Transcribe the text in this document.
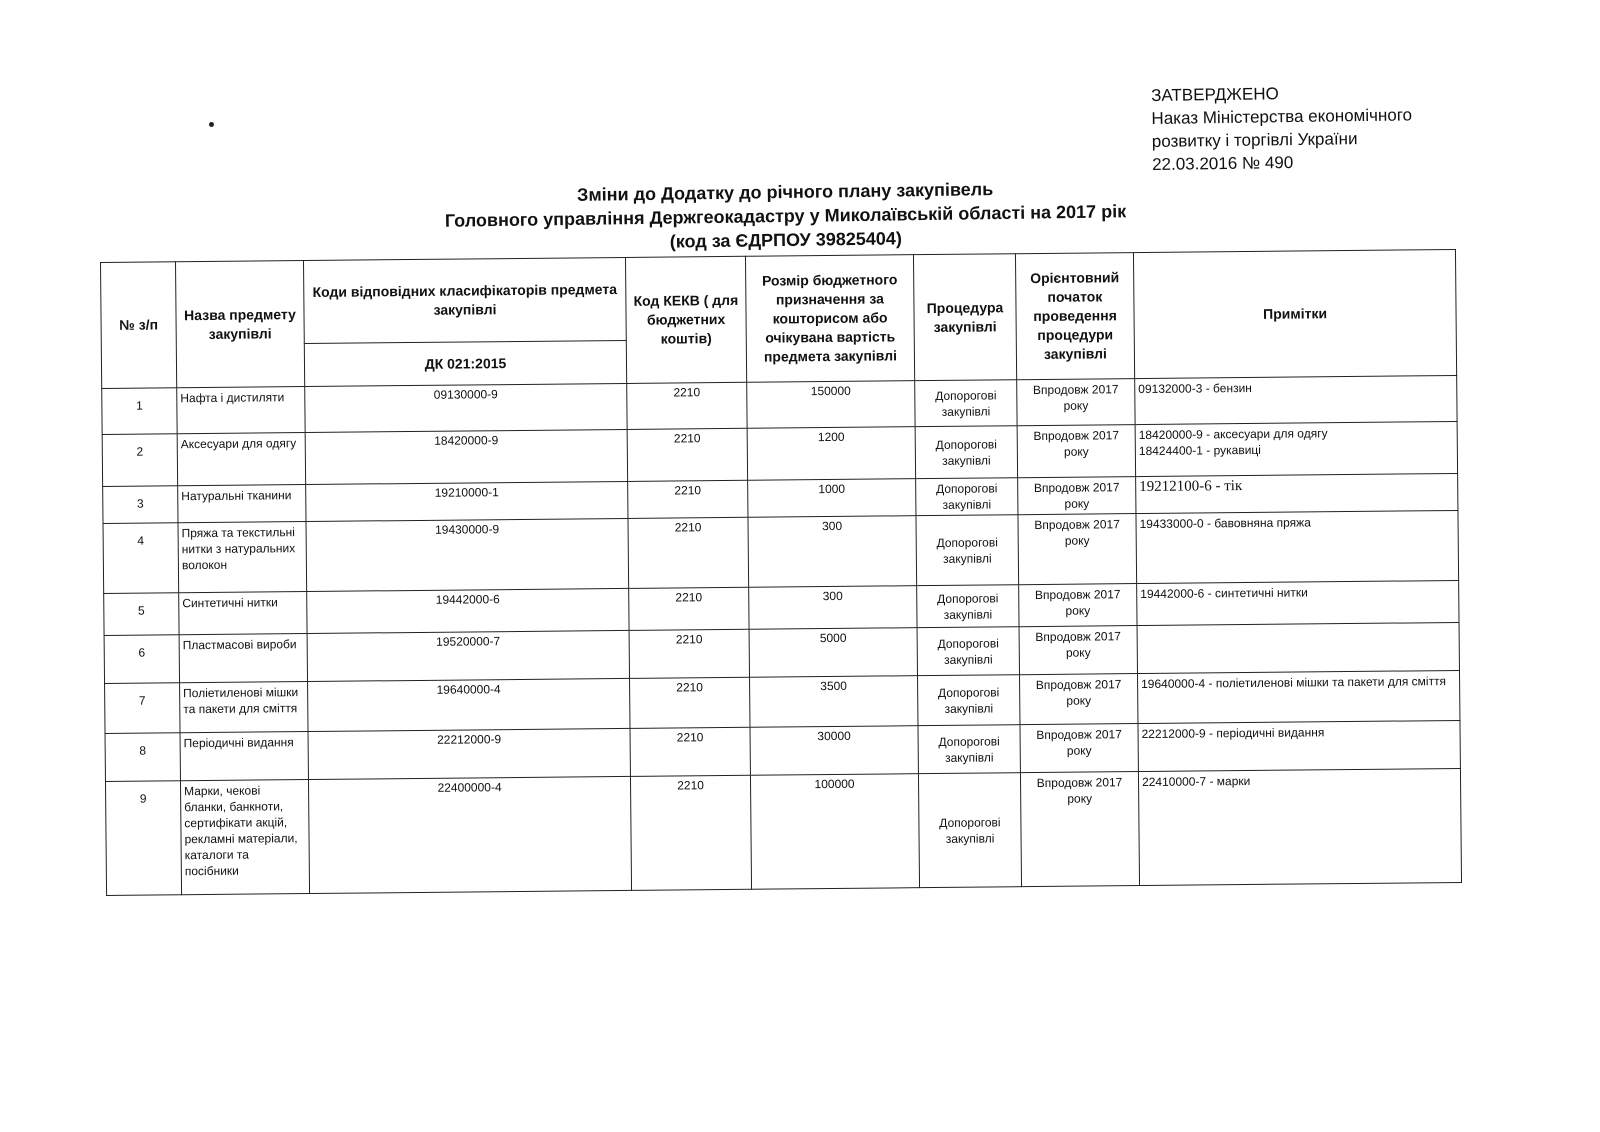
ЗАТВЕРДЖЕНО
Наказ Міністерства економічного
розвитку і торгівлі України
22.03.2016 № 490
Зміни до Додатку до річного плану закупівель
Головного управління Держгеокадастру у Миколаївській області на 2017 рік
(код за ЄДРПОУ 39825404)
№ з/п	Назва предмету закупівлі	Коди відповідних класифікаторів предмета закупівлі	Код КЕКВ ( для бюджетних коштів)	Розмір бюджетного призначення за кошторисом або очікувана вартість предмета закупівлі	Процедура закупівлі	Орієнтовний початок проведення процедури закупівлі	Примітки
		ДК 021:2015					
1	Нафта і дистиляти	09130000-9	2210	150000	Допорогові закупівлі	Впродовж 2017 року	09132000-3 - бензин

2	Аксесуари для одягу	18420000-9	2210	1200	Допорогові закупівлі	Впродовж 2017 року	18420000-9 - аксесуари для одягу
18424400-1 - рукавиці

3	Натуральні тканини	19210000-1	2210	1000	Допорогові закупівлі	Впродовж 2017 року	19212100-6 - тік

4	Пряжа та текстильні нитки з натуральних волокон	19430000-9	2210	300	Допорогові закупівлі	Впродовж 2017 року	19433000-0 - бавовняна пряжа

5	Синтетичні нитки	19442000-6	2210	300	Допорогові закупівлі	Впродовж 2017 року	19442000-6 - синтетичні нитки

6	Пластмасові вироби	19520000-7	2210	5000	Допорогові закупівлі	Впродовж 2017 року	

7	Поліетиленові мішки та пакети для сміття	19640000-4	2210	3500	Допорогові закупівлі	Впродовж 2017 року	19640000-4 - поліетиленові мішки та пакети для сміття

8	Періодичні видання	22212000-9	2210	30000	Допорогові закупівлі	Впродовж 2017 року	22212000-9 - періодичні видання

9	Марки, чекові бланки, банкноти, сертифікати акцій, рекламні матеріали, каталоги та посібники	22400000-4	2210	100000	Допорогові закупівлі	Впродовж 2017 року	22410000-7 - марки
